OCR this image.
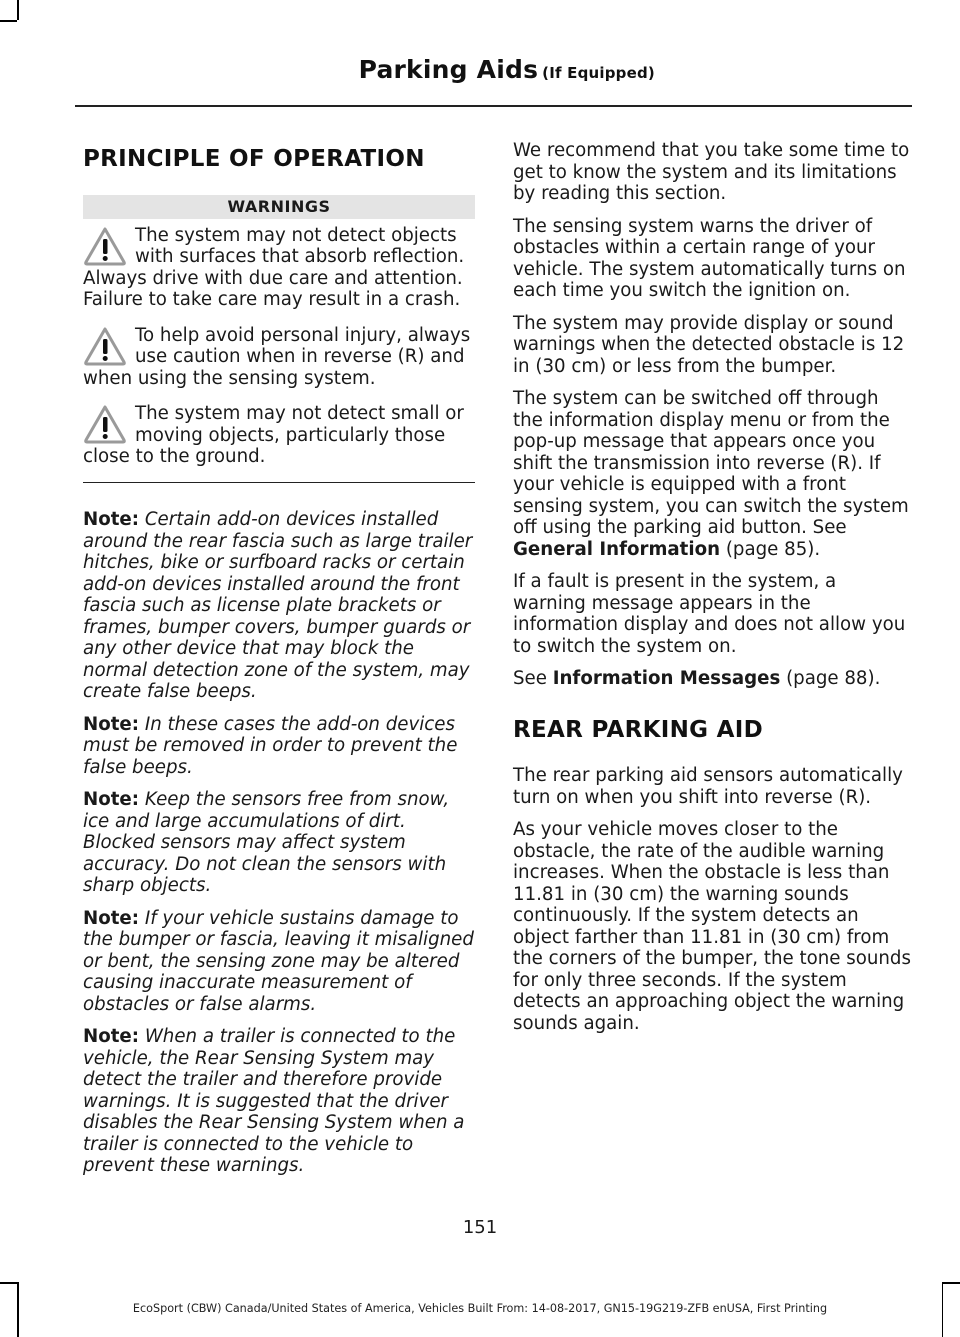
Parking Aids (If Equipped)
PRINCIPLE OF OPERATION
WARNINGS

The system may not detect objects with surfaces that absorb reflection. Always drive with due care and attention. Failure to take care may result in a crash.

To help avoid personal injury, always use caution when in reverse (R) and when using the sensing system.

The system may not detect small or moving objects, particularly those close to the ground.

Note: Certain add-on devices installed around the rear fascia such as large trailer hitches, bike or surfboard racks or certain add-on devices installed around the front fascia such as license plate brackets or frames, bumper covers, bumper guards or any other device that may block the normal detection zone of the system, may create false beeps.

Note: In these cases the add-on devices must be removed in order to prevent the false beeps.

Note: Keep the sensors free from snow, ice and large accumulations of dirt. Blocked sensors may affect system accuracy. Do not clean the sensors with sharp objects.

Note: If your vehicle sustains damage to the bumper or fascia, leaving it misaligned or bent, the sensing zone may be altered causing inaccurate measurement of obstacles or false alarms.

Note: When a trailer is connected to the vehicle, the Rear Sensing System may detect the trailer and therefore provide warnings. It is suggested that the driver disables the Rear Sensing System when a trailer is connected to the vehicle to prevent these warnings.

We recommend that you take some time to get to know the system and its limitations by reading this section.

The sensing system warns the driver of obstacles within a certain range of your vehicle. The system automatically turns on each time you switch the ignition on.

The system may provide display or sound warnings when the detected obstacle is 12 in (30 cm) or less from the bumper.

The system can be switched off through the information display menu or from the pop-up message that appears once you shift the transmission into reverse (R). If your vehicle is equipped with a front sensing system, you can switch the system off using the parking aid button. See General Information (page 85).

If a fault is present in the system, a warning message appears in the information display and does not allow you to switch the system on.

See Information Messages (page 88).

REAR PARKING AID

The rear parking aid sensors automatically turn on when you shift into reverse (R).

As your vehicle moves closer to the obstacle, the rate of the audible warning increases. When the obstacle is less than 11.81 in (30 cm) the warning sounds continuously. If the system detects an object farther than 11.81 in (30 cm) from the corners of the bumper, the tone sounds for only three seconds. If the system detects an approaching object the warning sounds again.

151
EcoSport (CBW) Canada/United States of America, Vehicles Built From: 14-08-2017, GN15-19G219-ZFB enUSA, First Printing
